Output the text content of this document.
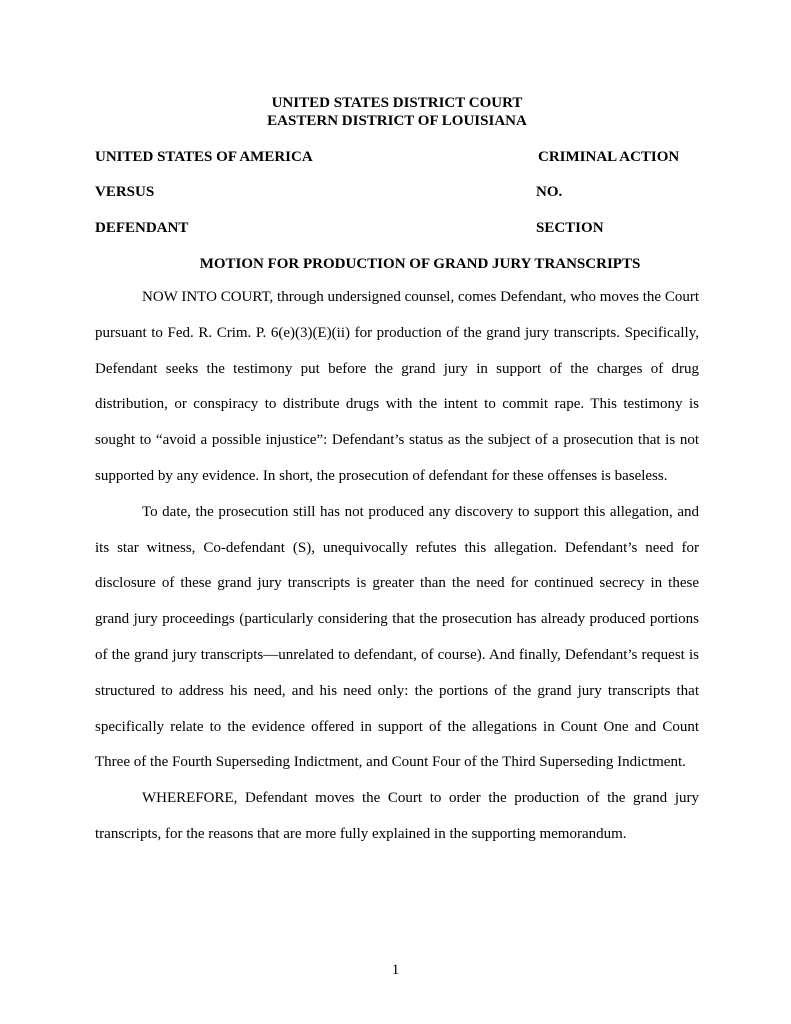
UNITED STATES DISTRICT COURT
EASTERN DISTRICT OF LOUISIANA
UNITED STATES OF AMERICA	CRIMINAL ACTION
VERSUS	NO.
DEFENDANT	SECTION
MOTION FOR PRODUCTION OF GRAND JURY TRANSCRIPTS

NOW INTO COURT, through undersigned counsel, comes Defendant, who moves the Court pursuant to Fed. R. Crim. P. 6(e)(3)(E)(ii) for production of the grand jury transcripts. Specifically, Defendant seeks the testimony put before the grand jury in support of the charges of drug distribution, or conspiracy to distribute drugs with the intent to commit rape. This testimony is sought to “avoid a possible injustice”: Defendant’s status as the subject of a prosecution that is not supported by any evidence. In short, the prosecution of defendant for these offenses is baseless.

To date, the prosecution still has not produced any discovery to support this allegation, and its star witness, Co-defendant (S), unequivocally refutes this allegation. Defendant’s need for disclosure of these grand jury transcripts is greater than the need for continued secrecy in these grand jury proceedings (particularly considering that the prosecution has already produced portions of the grand jury transcripts—unrelated to defendant, of course). And finally, Defendant’s request is structured to address his need, and his need only: the portions of the grand jury transcripts that specifically relate to the evidence offered in support of the allegations in Count One and Count Three of the Fourth Superseding Indictment, and Count Four of the Third Superseding Indictment.

WHEREFORE, Defendant moves the Court to order the production of the grand jury transcripts, for the reasons that are more fully explained in the supporting memorandum.

1
